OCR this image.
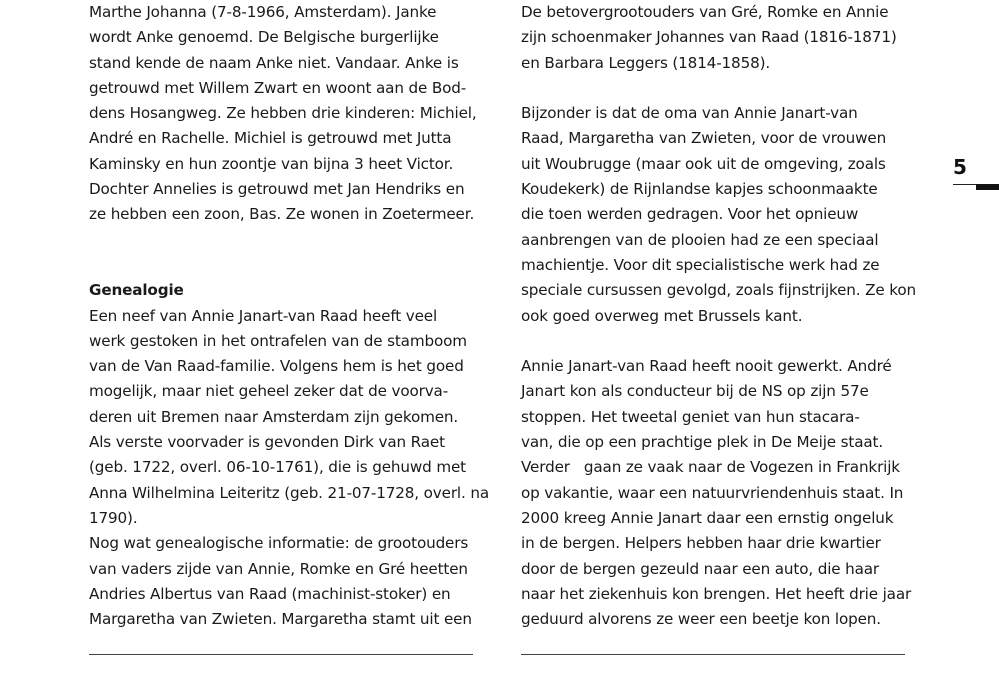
Marthe Johanna (7-8-1966, Amsterdam). Janke
wordt Anke genoemd. De Belgische burgerlijke
stand kende de naam Anke niet. Vandaar. Anke is
getrouwd met Willem Zwart en woont aan de Bod-
dens Hosangweg. Ze hebben drie kinderen: Michiel,
André en Rachelle. Michiel is getrouwd met Jutta
Kaminsky en hun zoontje van bijna 3 heet Victor.
Dochter Annelies is getrouwd met Jan Hendriks en
ze hebben een zoon, Bas. Ze wonen in Zoetermeer.
Genealogie
Een neef van Annie Janart-van Raad heeft veel
werk gestoken in het ontrafelen van de stamboom
van de Van Raad-familie. Volgens hem is het goed
mogelijk, maar niet geheel zeker dat de voorva-
deren uit Bremen naar Amsterdam zijn gekomen.
Als verste voorvader is gevonden Dirk van Raet
(geb. 1722, overl. 06-10-1761), die is gehuwd met
Anna Wilhelmina Leiteritz (geb. 21-07-1728, overl. na
1790).
Nog wat genealogische informatie: de grootouders
van vaders zijde van Annie, Romke en Gré heetten
Andries Albertus van Raad (machinist-stoker) en
Margaretha van Zwieten. Margaretha stamt uit een
De betovergrootouders van Gré, Romke en Annie
zijn schoenmaker Johannes van Raad (1816-1871)
en Barbara Leggers (1814-1858).
Bijzonder is dat de oma van Annie Janart-van
Raad, Margaretha van Zwieten, voor de vrouwen
uit Woubrugge (maar ook uit de omgeving, zoals
Koudekerk) de Rijnlandse kapjes schoonmaakte
die toen werden gedragen. Voor het opnieuw
aanbrengen van de plooien had ze een speciaal
machientje. Voor dit specialistische werk had ze
speciale cursussen gevolgd, zoals fijnstrijken. Ze kon
ook goed overweg met Brussels kant.
Annie Janart-van Raad heeft nooit gewerkt. André
Janart kon als conducteur bij de NS op zijn 57e
stoppen. Het tweetal geniet van hun stacara-
van, die op een prachtige plek in De Meije staat.
Verder   gaan ze vaak naar de Vogezen in Frankrijk
op vakantie, waar een natuurvriendenhuis staat. In
2000 kreeg Annie Janart daar een ernstig ongeluk
in de bergen. Helpers hebben haar drie kwartier
door de bergen gezeuld naar een auto, die haar
naar het ziekenhuis kon brengen. Het heeft drie jaar
geduurd alvorens ze weer een beetje kon lopen.
5
